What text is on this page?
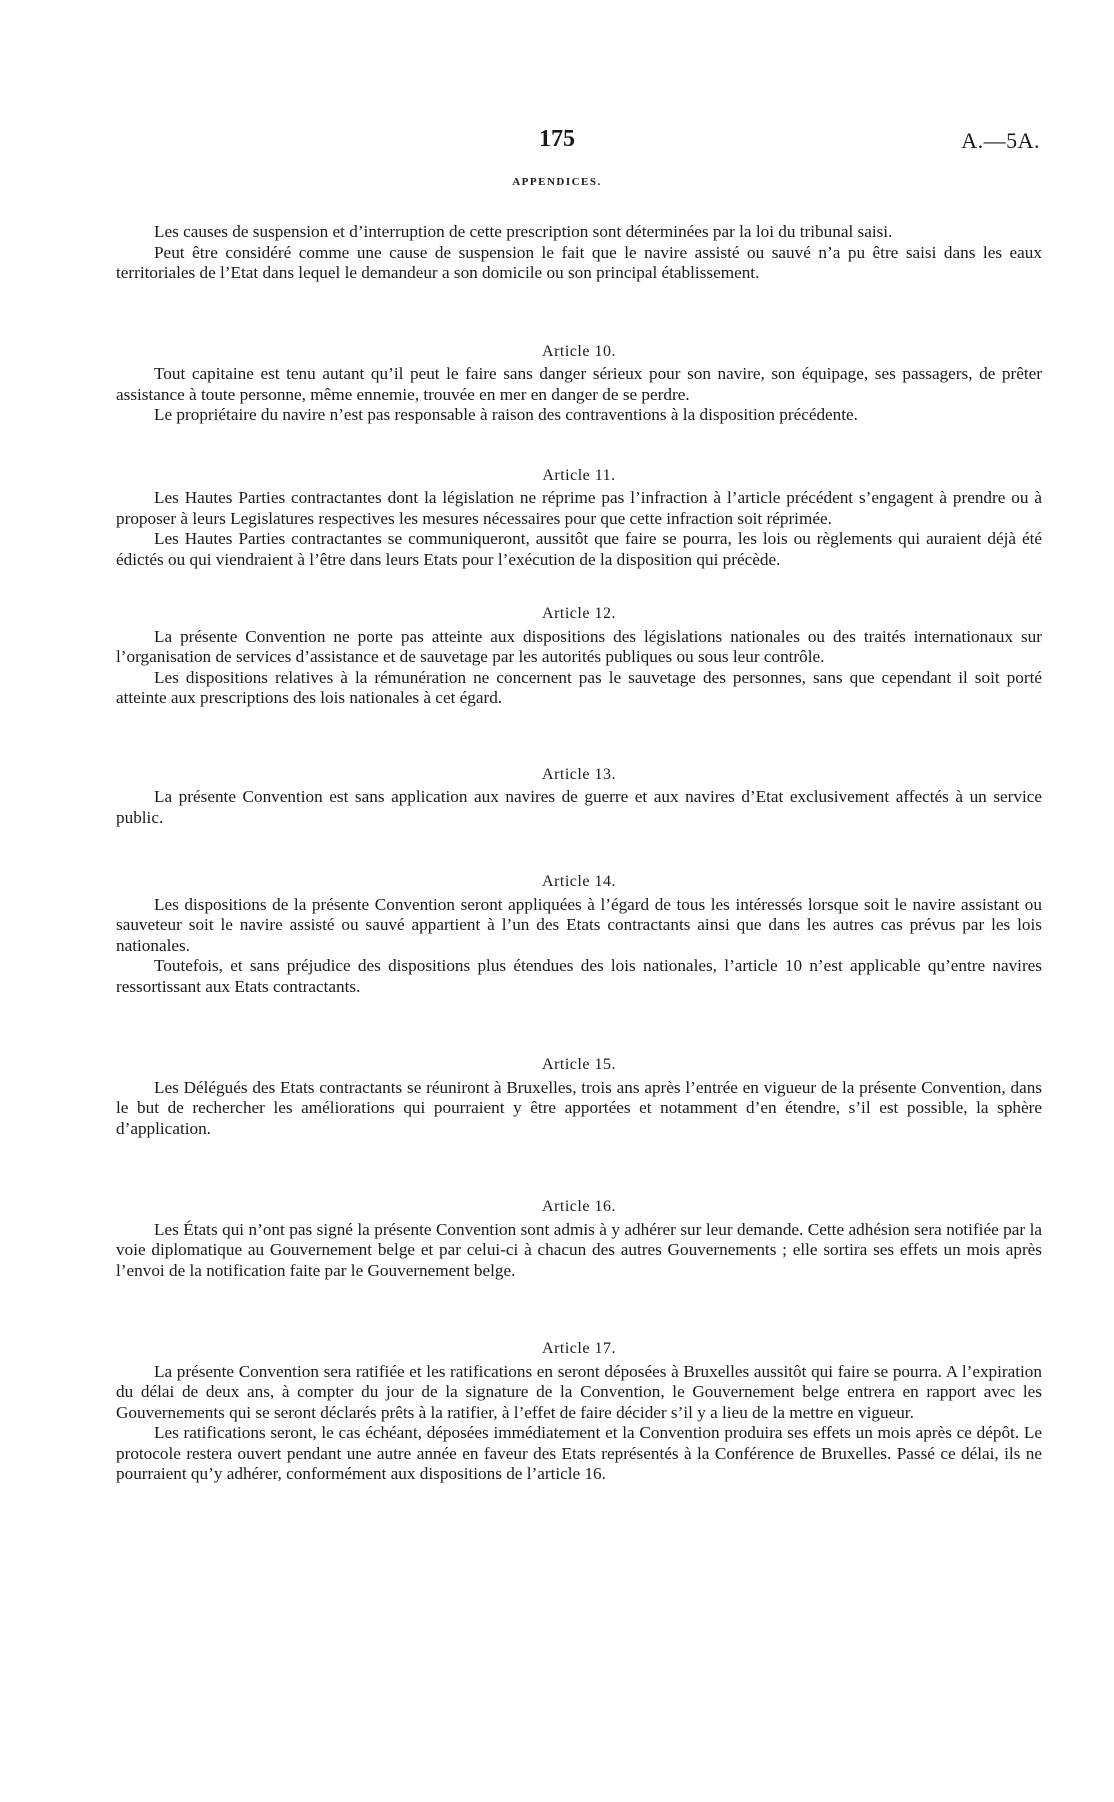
175	A.—5A.
APPENDICES.

Les causes de suspension et d’interruption de cette prescription sont déterminées par la loi du tribunal saisi.

Peut être considéré comme une cause de suspension le fait que le navire assisté ou sauvé n’a pu être saisi dans les eaux territoriales de l’Etat dans lequel le demandeur a son domicile ou son principal établissement.

Article 10.

Tout capitaine est tenu autant qu’il peut le faire sans danger sérieux pour son navire, son équipage, ses passagers, de prêter assistance à toute personne, même ennemie, trouvée en mer en danger de se perdre.

Le propriétaire du navire n’est pas responsable à raison des contraventions à la disposition précédente.

Article 11.

Les Hautes Parties contractantes dont la législation ne réprime pas l’infraction à l’article précédent s’engagent à prendre ou à proposer à leurs Legislatures respectives les mesures nécessaires pour que cette infraction soit réprimée.

Les Hautes Parties contractantes se communiqueront, aussitôt que faire se pourra, les lois ou règlements qui auraient déjà été édictés ou qui viendraient à l’être dans leurs Etats pour l’exécution de la disposition qui précède.

Article 12.

La présente Convention ne porte pas atteinte aux dispositions des législations nationales ou des traités internationaux sur l’organisation de services d’assistance et de sauvetage par les autorités publiques ou sous leur contrôle.

Les dispositions relatives à la rémunération ne concernent pas le sauvetage des personnes, sans que cependant il soit porté atteinte aux prescriptions des lois nationales à cet égard.

Article 13.

La présente Convention est sans application aux navires de guerre et aux navires d’Etat exclusivement affectés à un service public.

Article 14.

Les dispositions de la présente Convention seront appliquées à l’égard de tous les intéressés lorsque soit le navire assistant ou sauveteur soit le navire assisté ou sauvé appartient à l’un des Etats contractants ainsi que dans les autres cas prévus par les lois nationales.

Toutefois, et sans préjudice des dispositions plus étendues des lois nationales, l’article 10 n’est applicable qu’entre navires ressortissant aux Etats contractants.

Article 15.

Les Délégués des Etats contractants se réuniront à Bruxelles, trois ans après l’entrée en vigueur de la présente Convention, dans le but de rechercher les améliorations qui pourraient y être apportées et notamment d’en étendre, s’il est possible, la sphère d’application.

Article 16.

Les États qui n’ont pas signé la présente Convention sont admis à y adhérer sur leur demande. Cette adhésion sera notifiée par la voie diplomatique au Gouvernement belge et par celui-ci à chacun des autres Gouvernements ; elle sortira ses effets un mois après l’envoi de la notification faite par le Gouvernement belge.

Article 17.

La présente Convention sera ratifiée et les ratifications en seront déposées à Bruxelles aussitôt qui faire se pourra. A l’expiration du délai de deux ans, à compter du jour de la signature de la Convention, le Gouvernement belge entrera en rapport avec les Gouvernements qui se seront déclarés prêts à la ratifier, à l’effet de faire décider s’il y a lieu de la mettre en vigueur.

Les ratifications seront, le cas échéant, déposées immédiatement et la Convention produira ses effets un mois après ce dépôt. Le protocole restera ouvert pendant une autre année en faveur des Etats représentés à la Conférence de Bruxelles. Passé ce délai, ils ne pourraient qu’y adhérer, conformément aux dispositions de l’article 16.
